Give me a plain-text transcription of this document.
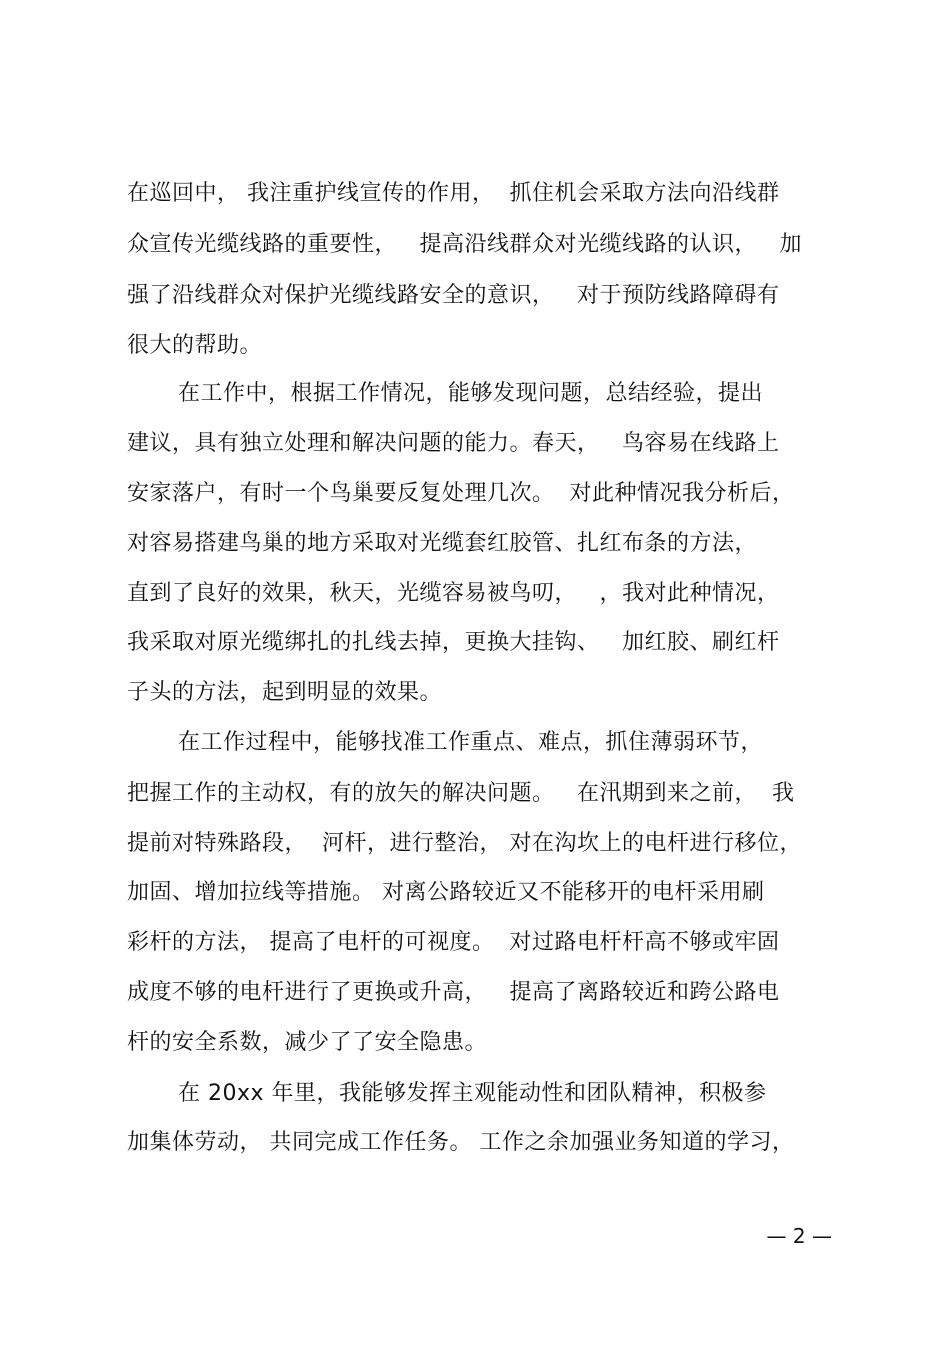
在巡回中， 我注重护线宣传的作用，  抓住机会采取方法向沿线群
众宣传光缆线路的重要性，   提高沿线群众对光缆线路的认识，   加
强了沿线群众对保护光缆线路安全的意识，   对于预防线路障碍有
很大的帮助。
在工作中，根据工作情况，能够发现问题，总结经验，提出
建议，具有独立处理和解决问题的能力。春天，   鸟容易在线路上
安家落户，有时一个鸟巢要反复处理几次。  对此种情况我分析后，
对容易搭建鸟巢的地方采取对光缆套红胶管、扎红布条的方法，
直到了良好的效果，秋天，光缆容易被鸟叨，   ，我对此种情况，
我采取对原光缆绑扎的扎线去掉，更换大挂钩、   加红胶、刷红杆
子头的方法，起到明显的效果。
在工作过程中，能够找准工作重点、难点，抓住薄弱环节，
把握工作的主动权，有的放矢的解决问题。   在汛期到来之前，  我
提前对特殊路段，  河杆，进行整治， 对在沟坎上的电杆进行移位，
加固、增加拉线等措施。 对离公路较近又不能移开的电杆采用刷
彩杆的方法， 提高了电杆的可视度。  对过路电杆杆高不够或牢固
成度不够的电杆进行了更换或升高，   提高了离路较近和跨公路电
杆的安全系数，减少了了安全隐患。
在 20xx 年里，我能够发挥主观能动性和团队精神，积极参
加集体劳动， 共同完成工作任务。 工作之余加强业务知道的学习，
— 2 —
